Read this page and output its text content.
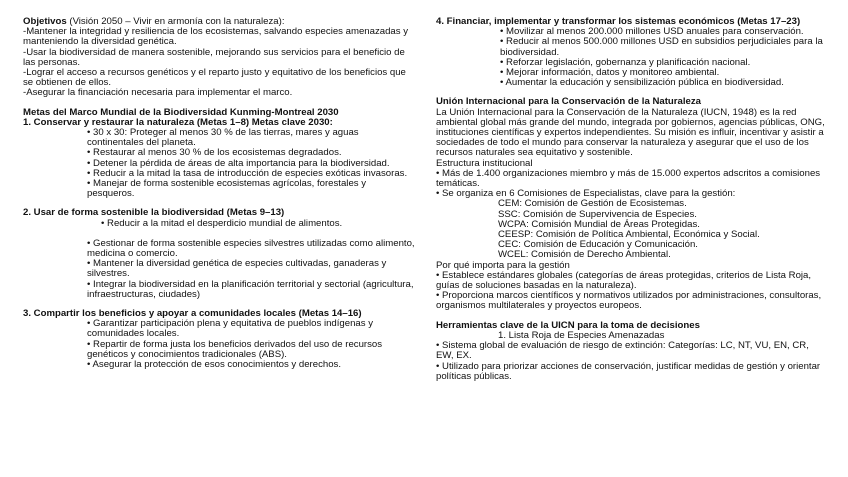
Objetivos (Visión 2050 – Vivir en armonía con la naturaleza):
-Mantener la integridad y resiliencia de los ecosistemas, salvando especies amenazadas y manteniendo la diversidad genética.
-Usar la biodiversidad de manera sostenible, mejorando sus servicios para el beneficio de las personas.
-Lograr el acceso a recursos genéticos y el reparto justo y equitativo de los beneficios que se obtienen de ellos.
-Asegurar la financiación necesaria para implementar el marco.

Metas del Marco Mundial de la Biodiversidad Kunming-Montreal 2030
1. Conservar y restaurar la naturaleza (Metas 1–8) Metas clave 2030:
• 30 x 30: Proteger al menos 30 % de las tierras, mares y aguas continentales del planeta.
• Restaurar al menos 30 % de los ecosistemas degradados.
• Detener la pérdida de áreas de alta importancia para la biodiversidad.
• Reducir a la mitad la tasa de introducción de especies exóticas invasoras.
• Manejar de forma sostenible ecosistemas agrícolas, forestales y pesqueros.

2. Usar de forma sostenible la biodiversidad (Metas 9–13)
• Reducir a la mitad el desperdicio mundial de alimentos.
• Gestionar de forma sostenible especies silvestres utilizadas como alimento, medicina o comercio.
• Mantener la diversidad genética de especies cultivadas, ganaderas y silvestres.
• Integrar la biodiversidad en la planificación territorial y sectorial (agricultura, infraestructuras, ciudades)

3. Compartir los beneficios y apoyar a comunidades locales (Metas 14–16)
• Garantizar participación plena y equitativa de pueblos indígenas y comunidades locales.
• Repartir de forma justa los beneficios derivados del uso de recursos genéticos y conocimientos tradicionales (ABS).
• Asegurar la protección de esos conocimientos y derechos.

4. Financiar, implementar y transformar los sistemas económicos (Metas 17–23)
• Movilizar al menos 200.000 millones USD anuales para conservación.
• Reducir al menos 500.000 millones USD en subsidios perjudiciales para la biodiversidad.
• Reforzar legislación, gobernanza y planificación nacional.
• Mejorar información, datos y monitoreo ambiental.
• Aumentar la educación y sensibilización pública en biodiversidad.

Unión Internacional para la Conservación de la Naturaleza
La Unión Internacional para la Conservación de la Naturaleza (IUCN, 1948) es la red ambiental global más grande del mundo, integrada por gobiernos, agencias públicas, ONG, instituciones científicas y expertos independientes. Su misión es influir, incentivar y asistir a sociedades de todo el mundo para conservar la naturaleza y asegurar que el uso de los recursos naturales sea equitativo y sostenible.
Estructura institucional
• Más de 1.400 organizaciones miembro y más de 15.000 expertos adscritos a comisiones temáticas.
• Se organiza en 6 Comisiones de Especialistas, clave para la gestión:
CEM: Comisión de Gestión de Ecosistemas.
SSC: Comisión de Supervivencia de Especies.
WCPA: Comisión Mundial de Áreas Protegidas.
CEESP: Comisión de Política Ambiental, Económica y Social.
CEC: Comisión de Educación y Comunicación.
WCEL: Comisión de Derecho Ambiental.
Por qué importa para la gestión
• Establece estándares globales (categorías de áreas protegidas, criterios de Lista Roja, guías de soluciones basadas en la naturaleza).
• Proporciona marcos científicos y normativos utilizados por administraciones, consultoras, organismos multilaterales y proyectos europeos.

Herramientas clave de la UICN para la toma de decisiones
1. Lista Roja de Especies Amenazadas
• Sistema global de evaluación de riesgo de extinción: Categorías: LC, NT, VU, EN, CR, EW, EX.
• Utilizado para priorizar acciones de conservación, justificar medidas de gestión y orientar políticas públicas.
